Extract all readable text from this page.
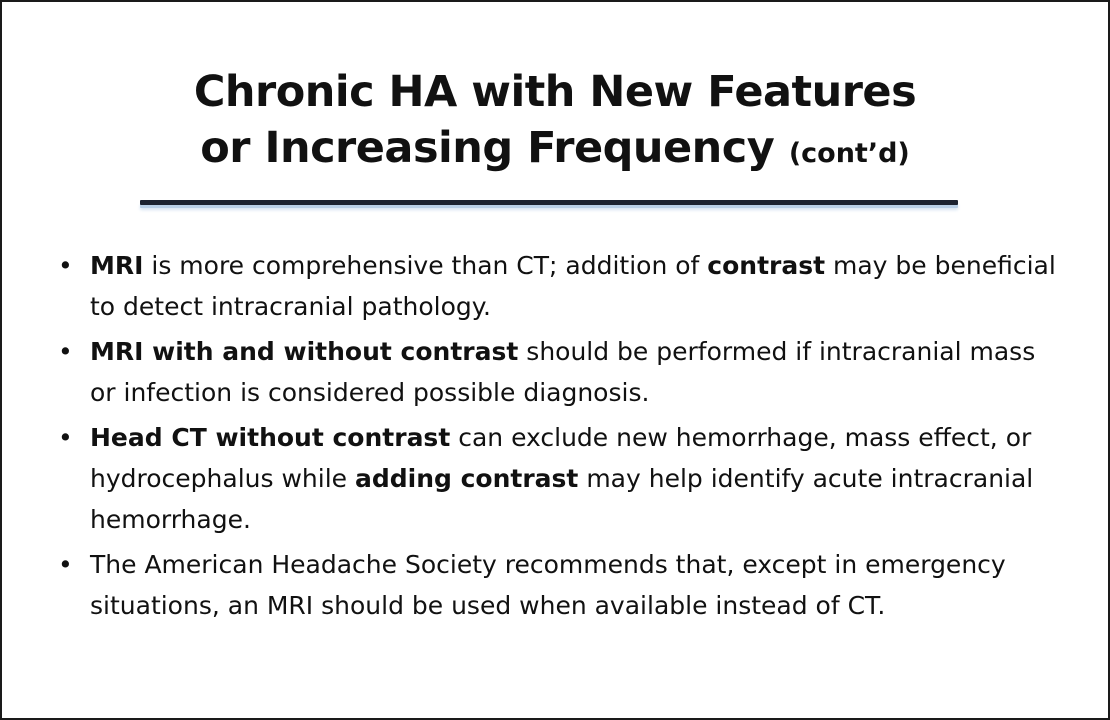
Chronic HA with New Features
or Increasing Frequency (cont’d)
• MRI is more comprehensive than CT; addition of contrast may be beneficial to detect intracranial pathology.
• MRI with and without contrast should be performed if intracranial mass or infection is considered possible diagnosis.
• Head CT without contrast can exclude new hemorrhage, mass effect, or hydrocephalus while adding contrast may help identify acute intracranial hemorrhage.
• The American Headache Society recommends that, except in emergency situations, an MRI should be used when available instead of CT.
